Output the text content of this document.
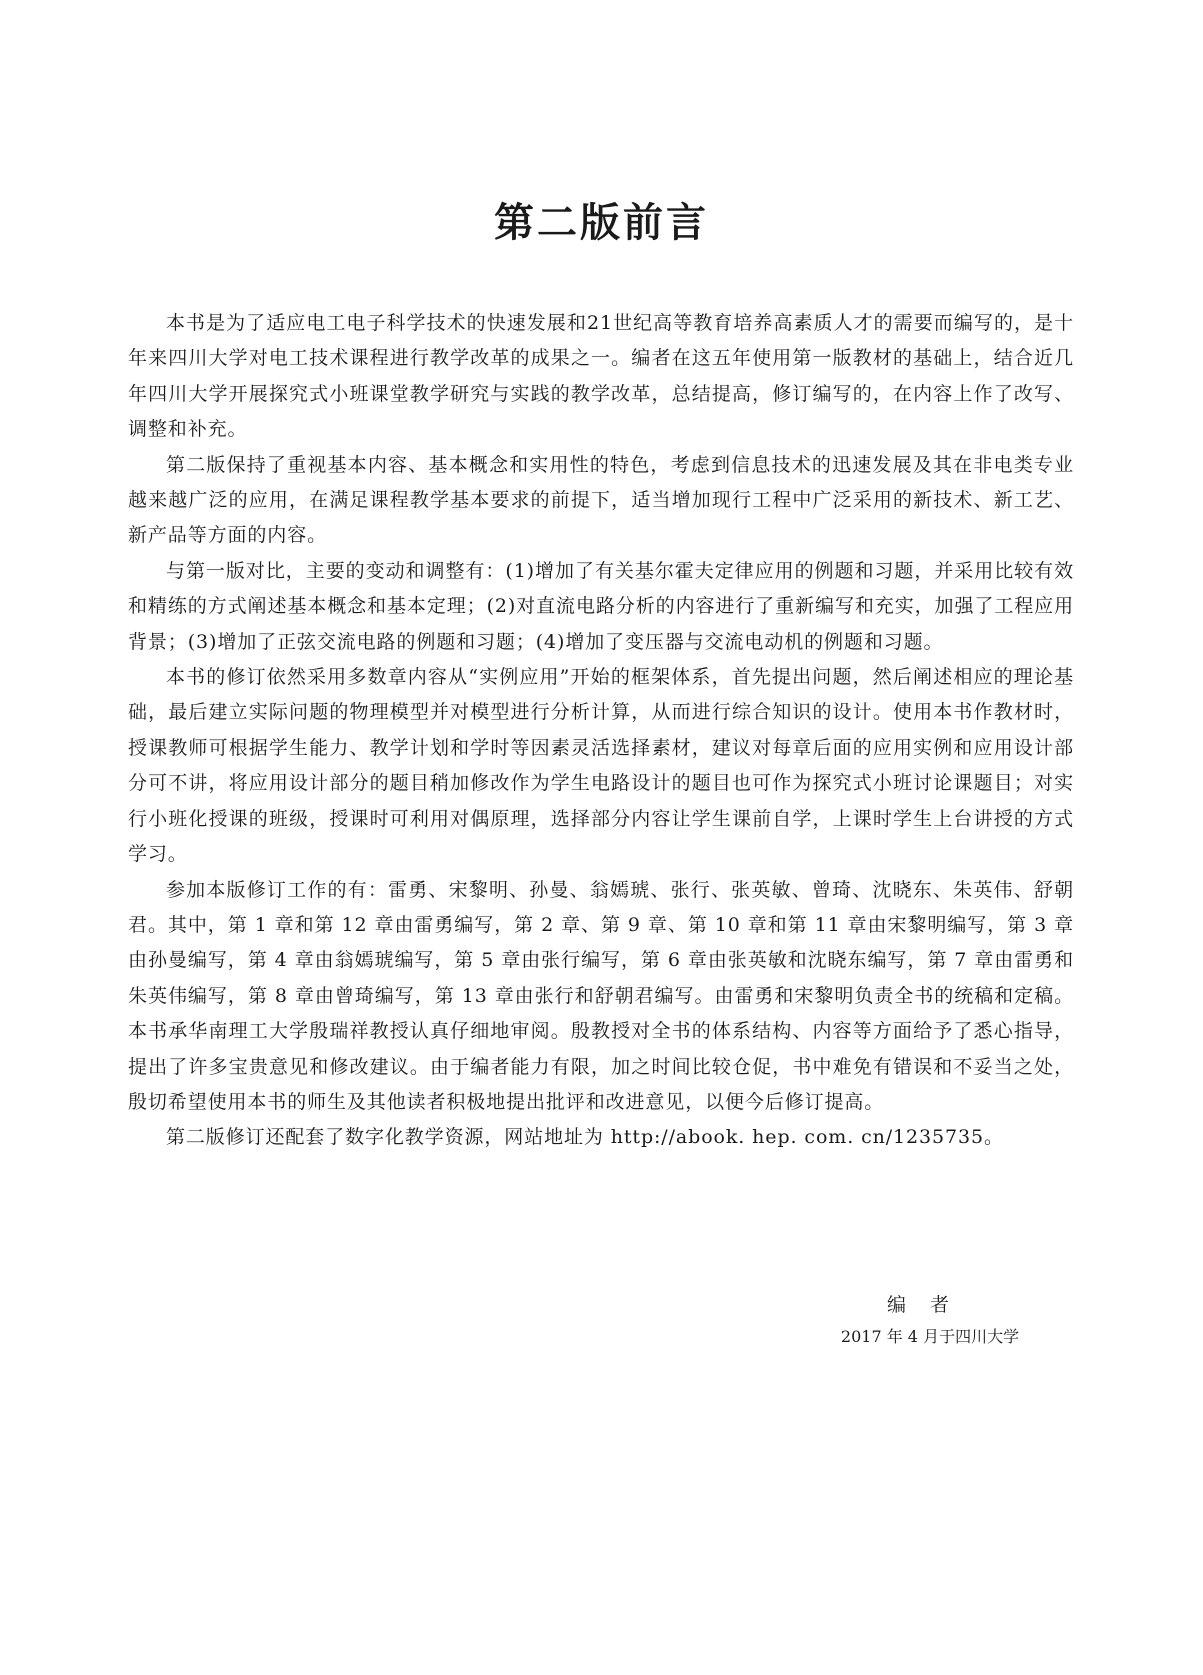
第二版前言

本书是为了适应电工电子科学技术的快速发展和21世纪高等教育培养高素质人才的需要而编写的，是十年来四川大学对电工技术课程进行教学改革的成果之一。编者在这五年使用第一版教材的基础上，结合近几年四川大学开展探究式小班课堂教学研究与实践的教学改革，总结提高，修订编写的，在内容上作了改写、调整和补充。

第二版保持了重视基本内容、基本概念和实用性的特色，考虑到信息技术的迅速发展及其在非电类专业越来越广泛的应用，在满足课程教学基本要求的前提下，适当增加现行工程中广泛采用的新技术、新工艺、新产品等方面的内容。

与第一版对比，主要的变动和调整有：(1)增加了有关基尔霍夫定律应用的例题和习题，并采用比较有效和精练的方式阐述基本概念和基本定理；(2)对直流电路分析的内容进行了重新编写和充实，加强了工程应用背景；(3)增加了正弦交流电路的例题和习题；(4)增加了变压器与交流电动机的例题和习题。

本书的修订依然采用多数章内容从“实例应用”开始的框架体系，首先提出问题，然后阐述相应的理论基础，最后建立实际问题的物理模型并对模型进行分析计算，从而进行综合知识的设计。使用本书作教材时，授课教师可根据学生能力、教学计划和学时等因素灵活选择素材，建议对每章后面的应用实例和应用设计部分可不讲，将应用设计部分的题目稍加修改作为学生电路设计的题目也可作为探究式小班讨论课题目；对实行小班化授课的班级，授课时可利用对偶原理，选择部分内容让学生课前自学，上课时学生上台讲授的方式学习。

参加本版修订工作的有：雷勇、宋黎明、孙曼、翁嫣琥、张行、张英敏、曾琦、沈晓东、朱英伟、舒朝君。其中，第 1 章和第 12 章由雷勇编写，第 2 章、第 9 章、第 10 章和第 11 章由宋黎明编写，第 3 章由孙曼编写，第 4 章由翁嫣琥编写，第 5 章由张行编写，第 6 章由张英敏和沈晓东编写，第 7 章由雷勇和朱英伟编写，第 8 章由曾琦编写，第 13 章由张行和舒朝君编写。由雷勇和宋黎明负责全书的统稿和定稿。本书承华南理工大学殷瑞祥教授认真仔细地审阅。殷教授对全书的体系结构、内容等方面给予了悉心指导，提出了许多宝贵意见和修改建议。由于编者能力有限，加之时间比较仓促，书中难免有错误和不妥当之处，殷切希望使用本书的师生及其他读者积极地提出批评和改进意见，以便今后修订提高。

第二版修订还配套了数字化教学资源，网站地址为 http://abook. hep. com. cn/1235735。

编者
2017 年 4 月于四川大学
